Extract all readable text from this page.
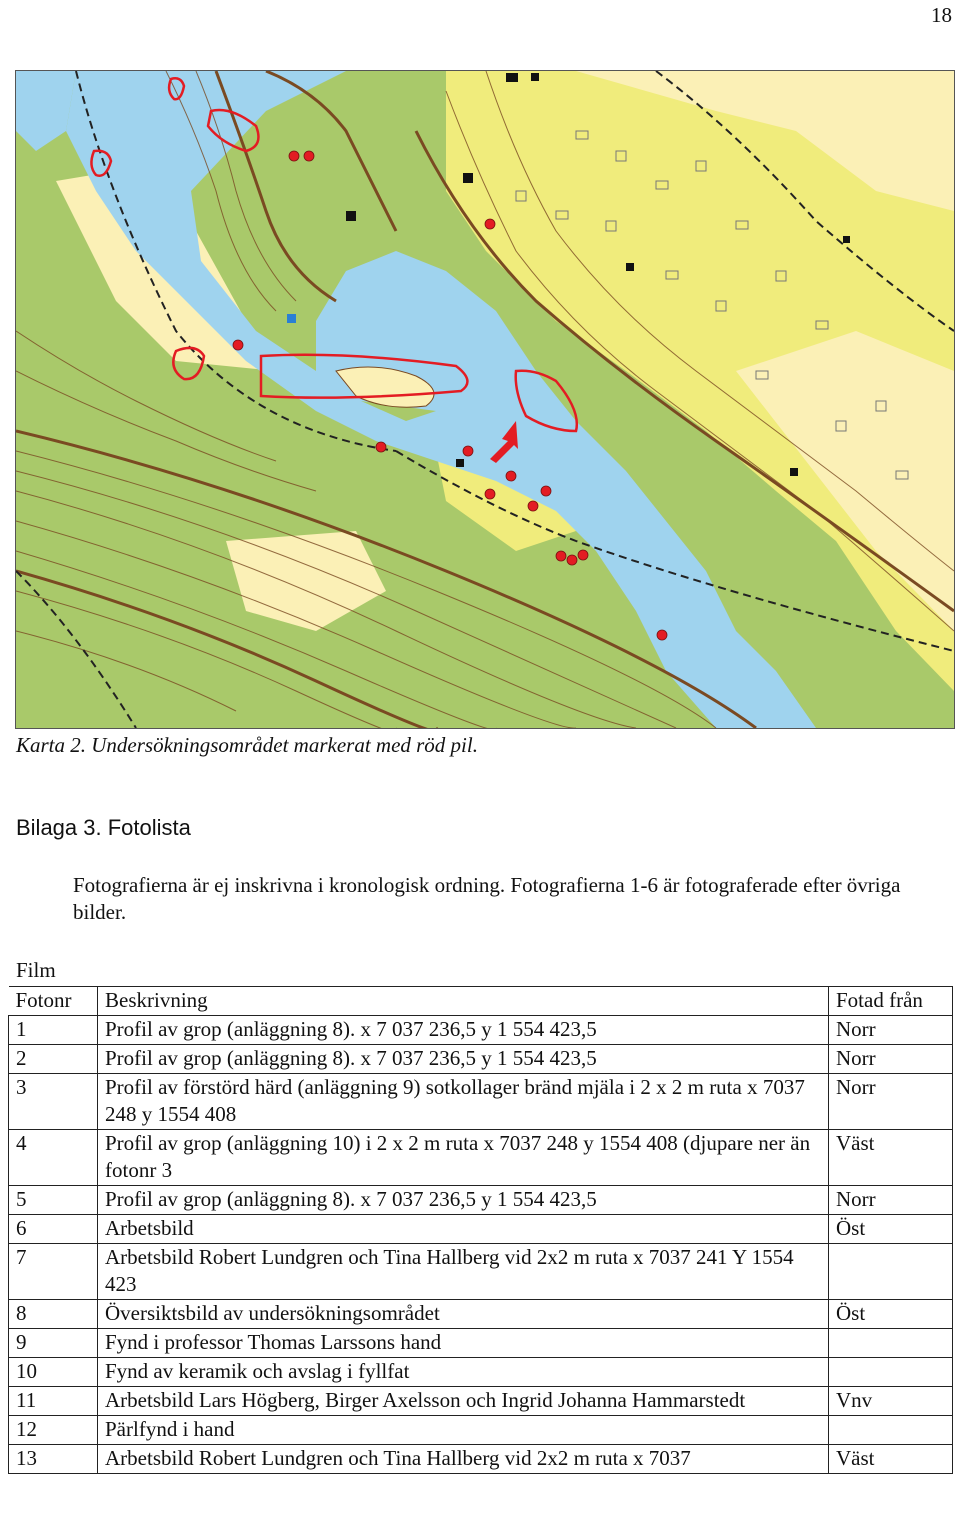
18
Karta 2. Undersökningsområdet markerat med röd pil.
Bilaga 3. Fotolista

Fotografierna är ej inskrivna i kronologisk ordning. Fotografierna 1-6 är fotograferade efter övriga bilder.

Film
Fotonr	Beskrivning	Fotad från
1	Profil av grop (anläggning 8). x 7 037 236,5 y 1 554 423,5	Norr
2	Profil av grop (anläggning 8). x 7 037 236,5 y 1 554 423,5	Norr
3	Profil av förstörd härd (anläggning 9) sotkollager bränd mjäla i 2 x 2 m ruta x 7037 248 y 1554 408	Norr
4	Profil av grop (anläggning 10) i 2 x 2 m ruta x 7037 248 y 1554 408 (djupare ner än fotonr 3	Väst
5	Profil av grop (anläggning 8). x 7 037 236,5 y 1 554 423,5	Norr
6	Arbetsbild	Öst
7	Arbetsbild Robert Lundgren och Tina Hallberg vid 2x2 m ruta x 7037 241 Y 1554 423	
8	Översiktsbild av undersökningsområdet	Öst
9	Fynd i professor Thomas Larssons hand	
10	Fynd av keramik och avslag i fyllfat	
11	Arbetsbild Lars Högberg, Birger Axelsson och Ingrid Johanna Hammarstedt	Vnv
12	Pärlfynd i hand	
13	Arbetsbild Robert Lundgren och Tina Hallberg vid 2x2 m ruta x 7037	Väst
